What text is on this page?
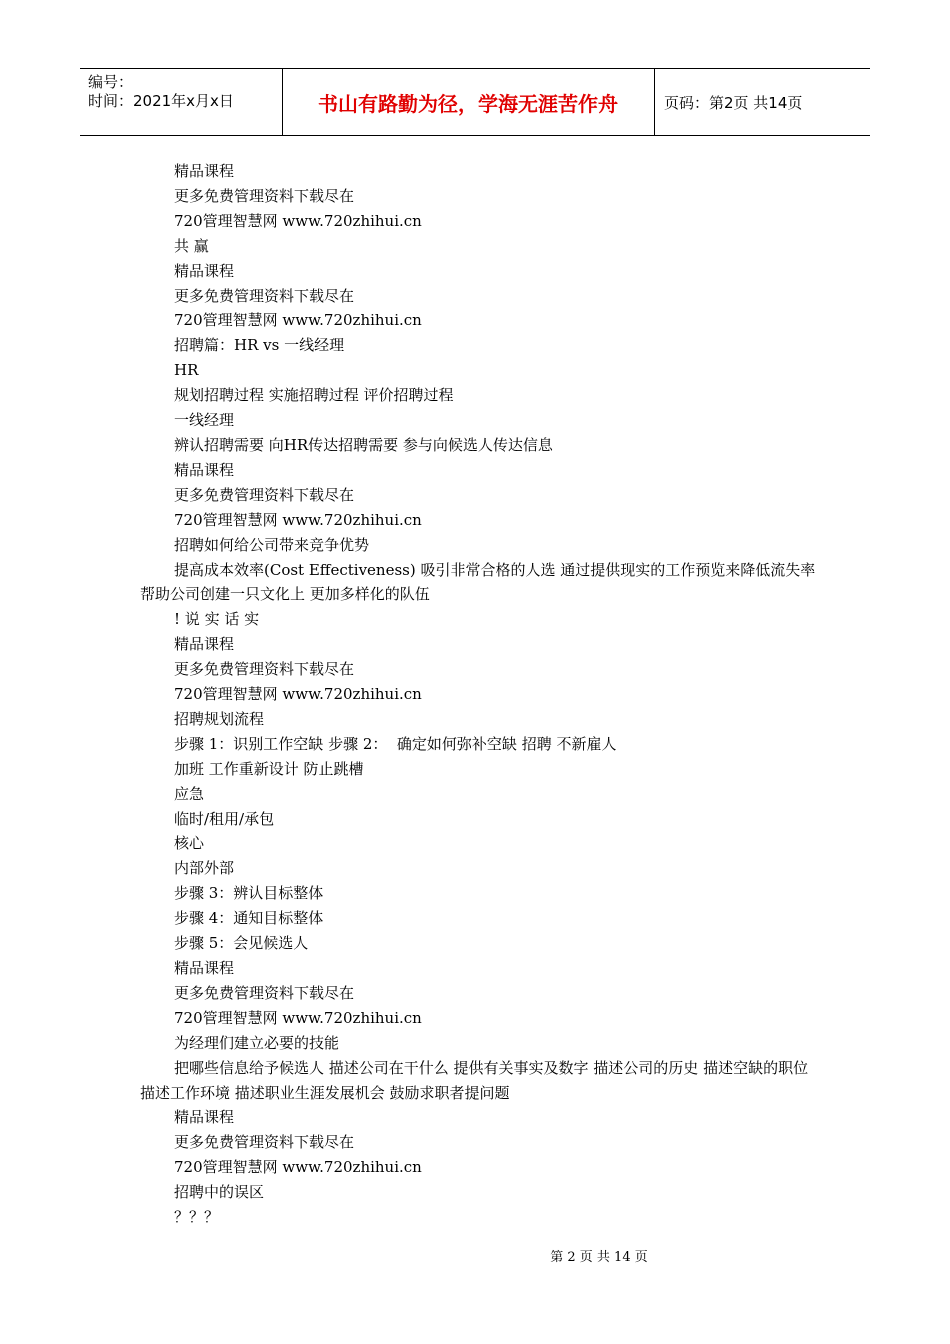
编号：
时间：2021年x月x日	书山有路勤为径，学海无涯苦作舟	页码：第2页 共14页

精品课程

更多免费管理资料下载尽在

720管理智慧网 www.720zhihui.cn

共 赢

精品课程

更多免费管理资料下载尽在

720管理智慧网 www.720zhihui.cn

招聘篇：HR vs 一线经理

HR

规划招聘过程 实施招聘过程 评价招聘过程

一线经理

辨认招聘需要 向HR传达招聘需要 参与向候选人传达信息

精品课程

更多免费管理资料下载尽在

720管理智慧网 www.720zhihui.cn

招聘如何给公司带来竞争优势

提高成本效率(Cost Effectiveness) 吸引非常合格的人选 通过提供现实的工作预览来降低流失率 帮助公司创建一只文化上 更加多样化的队伍

! 说 实 话 实

精品课程

更多免费管理资料下载尽在

720管理智慧网 www.720zhihui.cn

招聘规划流程

步骤 1：识别工作空缺 步骤 2：  确定如何弥补空缺 招聘 不新雇人

加班 工作重新设计 防止跳槽

应急

临时/租用/承包

核心

内部外部

步骤 3：辨认目标整体

步骤 4：通知目标整体

步骤 5：会见候选人

精品课程

更多免费管理资料下载尽在

720管理智慧网 www.720zhihui.cn

为经理们建立必要的技能

把哪些信息给予候选人 描述公司在干什么 提供有关事实及数字 描述公司的历史 描述空缺的职位 描述工作环境 描述职业生涯发展机会 鼓励求职者提问题

精品课程

更多免费管理资料下载尽在

720管理智慧网 www.720zhihui.cn

招聘中的误区

？？？

第 2 页 共 14 页
